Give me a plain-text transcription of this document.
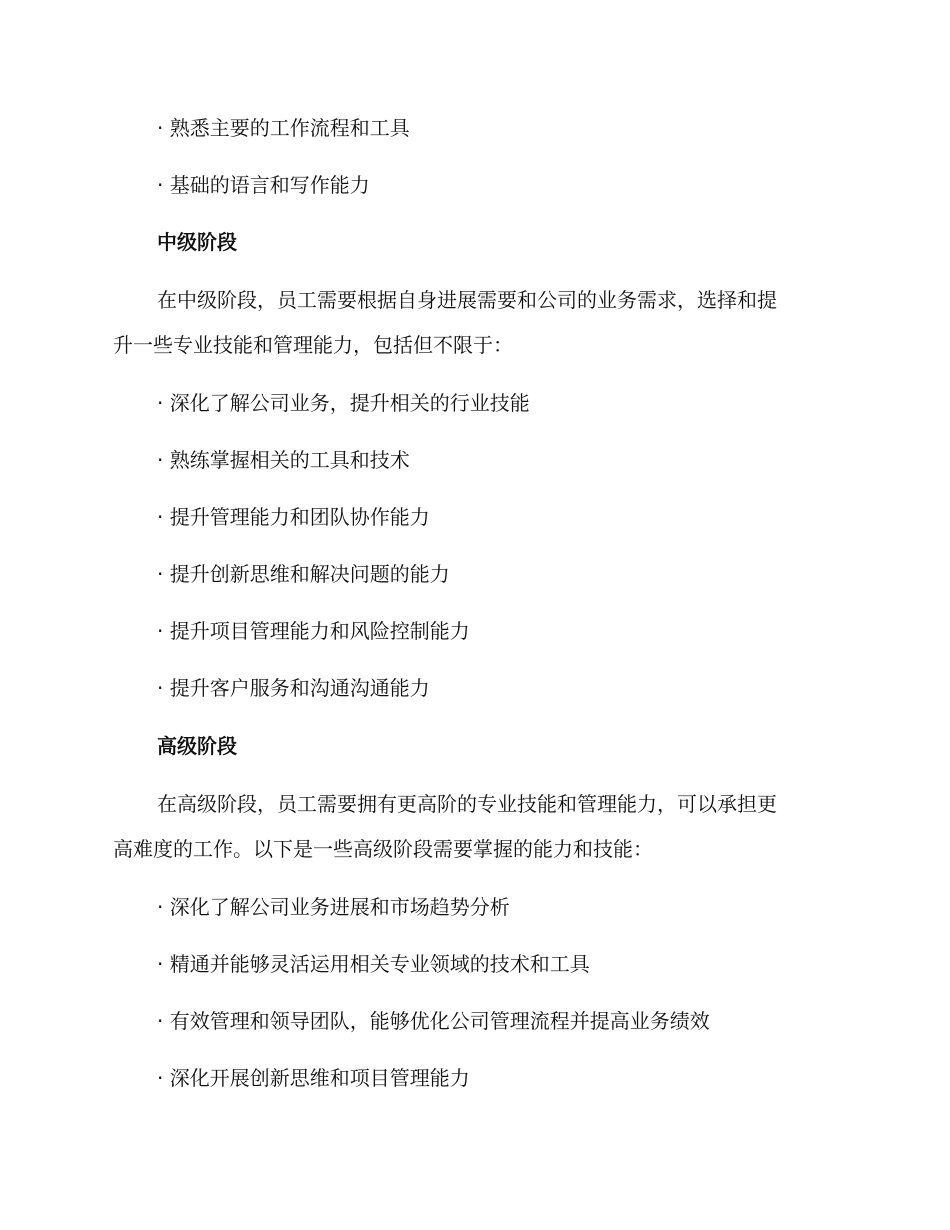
· 熟悉主要的工作流程和工具
· 基础的语言和写作能力
中级阶段
在中级阶段，员工需要根据自身进展需要和公司的业务需求，选择和提
升一些专业技能和管理能力，包括但不限于：
· 深化了解公司业务，提升相关的行业技能
· 熟练掌握相关的工具和技术
· 提升管理能力和团队协作能力
· 提升创新思维和解决问题的能力
· 提升项目管理能力和风险控制能力
· 提升客户服务和沟通沟通能力
高级阶段
在高级阶段，员工需要拥有更高阶的专业技能和管理能力，可以承担更
高难度的工作。以下是一些高级阶段需要掌握的能力和技能：
· 深化了解公司业务进展和市场趋势分析
· 精通并能够灵活运用相关专业领域的技术和工具
· 有效管理和领导团队，能够优化公司管理流程并提高业务绩效
· 深化开展创新思维和项目管理能力
